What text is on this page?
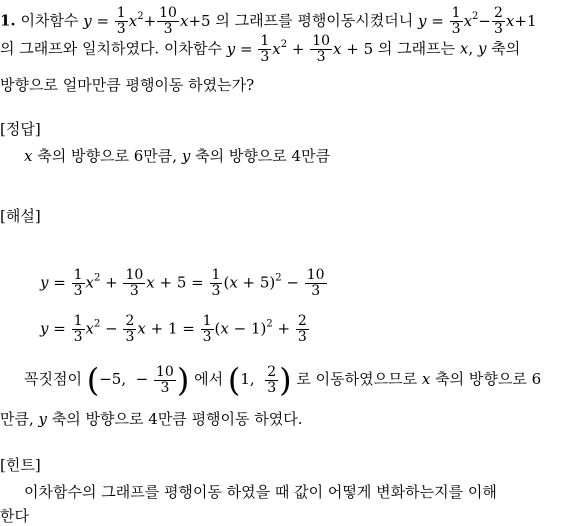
1. 이차함수 $y = \frac{1}{3} x^2+ \frac{10}{3} x+5$ 의 그래프를 평행이동시켰더니 $y = \frac{1}{3} x^2- \frac{2}{3} x+1$
의 그래프와 일치하였다. 이차함수 $y = \frac{1}{3} x^2 + \frac{10}{3}$ x + 5 의 그래프는 x, y 축의
방향으로 얼마만큼 평행이동 하였는가?
[정답]
x 축의 방향으로 6만큼, y 축의 방향으로 4만큼
[해설]
$y = \frac{1}{3} x^2 + \frac{10}{3}$ $x + 5 = \frac{1}{3} (x + 5)^2 - \frac{10}{3}$
$y = \frac{1}{3} x^2 - \frac{2}{3}$ $x + 1 = \frac{1}{3} (x - 1)^2 + \frac{2}{3}$
꼭짓점이 (−5,  − $\frac{10}{3}$ ) 에서 (1, $\frac{2}{3}$ ) 로 이동하였으므로 x 축의 방향으로 6
만큼, y 축의 방향으로 4만큼 평행이동 하였다.
[힌트]
이차함수의 그래프를 평행이동 하였을 때 값이 어떻게 변화하는지를 이해
한다
